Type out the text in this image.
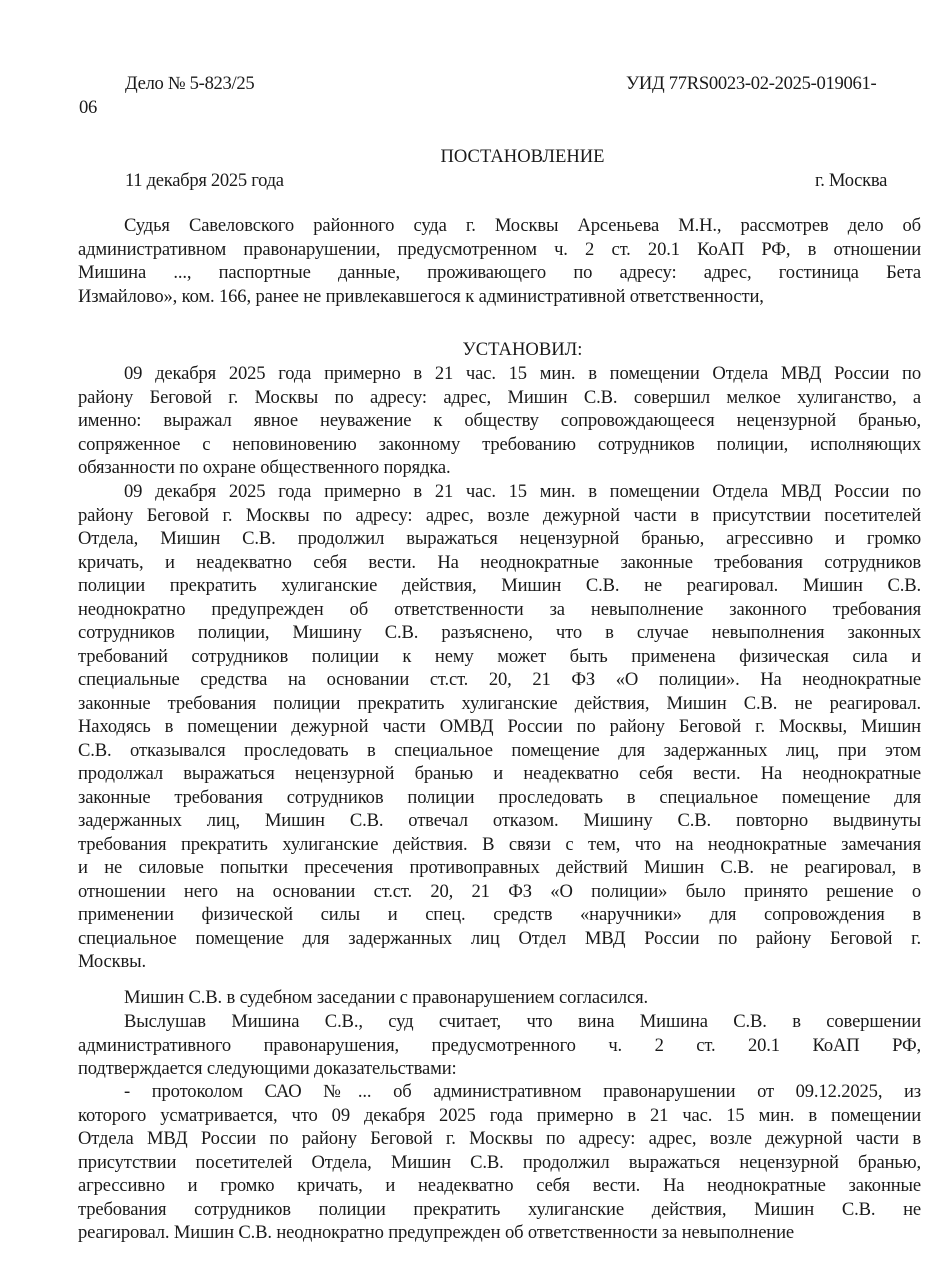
Дело № 5-823/25	УИД 77RS0023-02-2025-019061-
06
ПОСТАНОВЛЕНИЕ
11 декабря 2025 года	г. Москва
Судья Савеловского районного суда г. Москвы Арсеньева М.Н., рассмотрев дело об
административном правонарушении, предусмотренном ч. 2 ст. 20.1 КоАП РФ, в отношении
Мишина ..., паспортные данные, проживающего по адресу: адрес, гостиница Бета
Измайлово», ком. 166, ранее не привлекавшегося к административной ответственности,
УСТАНОВИЛ:
09 декабря 2025 года примерно в 21 час. 15 мин. в помещении Отдела МВД России по
району Беговой г. Москвы по адресу: адрес, Мишин С.В. совершил мелкое хулиганство, а
именно: выражал явное неуважение к обществу сопровождающееся нецензурной бранью,
сопряженное с неповиновению законному требованию сотрудников полиции, исполняющих
обязанности по охране общественного порядка.
09 декабря 2025 года примерно в 21 час. 15 мин. в помещении Отдела МВД России по
району Беговой г. Москвы по адресу: адрес, возле дежурной части в присутствии посетителей
Отдела, Мишин С.В. продолжил выражаться нецензурной бранью, агрессивно и громко
кричать, и неадекватно себя вести. На неоднократные законные требования сотрудников
полиции прекратить хулиганские действия, Мишин С.В. не реагировал. Мишин С.В.
неоднократно предупрежден об ответственности за невыполнение законного требования
сотрудников полиции, Мишину С.В. разъяснено, что в случае невыполнения законных
требований сотрудников полиции к нему может быть применена физическая сила и
специальные средства на основании ст.ст. 20, 21 ФЗ «О полиции». На неоднократные
законные требования полиции прекратить хулиганские действия, Мишин С.В. не реагировал.
Находясь в помещении дежурной части ОМВД России по району Беговой г. Москвы, Мишин
С.В. отказывался проследовать в специальное помещение для задержанных лиц, при этом
продолжал выражаться нецензурной бранью и неадекватно себя вести. На неоднократные
законные требования сотрудников полиции проследовать в специальное помещение для
задержанных лиц, Мишин С.В. отвечал отказом. Мишину С.В. повторно выдвинуты
требования прекратить хулиганские действия. В связи с тем, что на неоднократные замечания
и не силовые попытки пресечения противоправных действий Мишин С.В. не реагировал, в
отношении него на основании ст.ст. 20, 21 ФЗ «О полиции» было принято решение о
применении физической силы и спец. средств «наручники» для сопровождения в
специальное помещение для задержанных лиц Отдел МВД России по району Беговой г.
Москвы.
Мишин С.В. в судебном заседании с правонарушением согласился.
Выслушав Мишина С.В., суд считает, что вина Мишина С.В. в совершении
административного правонарушения, предусмотренного ч. 2 ст. 20.1 КоАП РФ,
подтверждается следующими доказательствами:
- протоколом САО №... об административном правонарушении от 09.12.2025, из
которого усматривается, что 09 декабря 2025 года примерно в 21 час. 15 мин. в помещении
Отдела МВД России по району Беговой г. Москвы по адресу: адрес, возле дежурной части в
присутствии посетителей Отдела, Мишин С.В. продолжил выражаться нецензурной бранью,
агрессивно и громко кричать, и неадекватно себя вести. На неоднократные законные
требования сотрудников полиции прекратить хулиганские действия, Мишин С.В. не
реагировал. Мишин С.В. неоднократно предупрежден об ответственности за невыполнение
